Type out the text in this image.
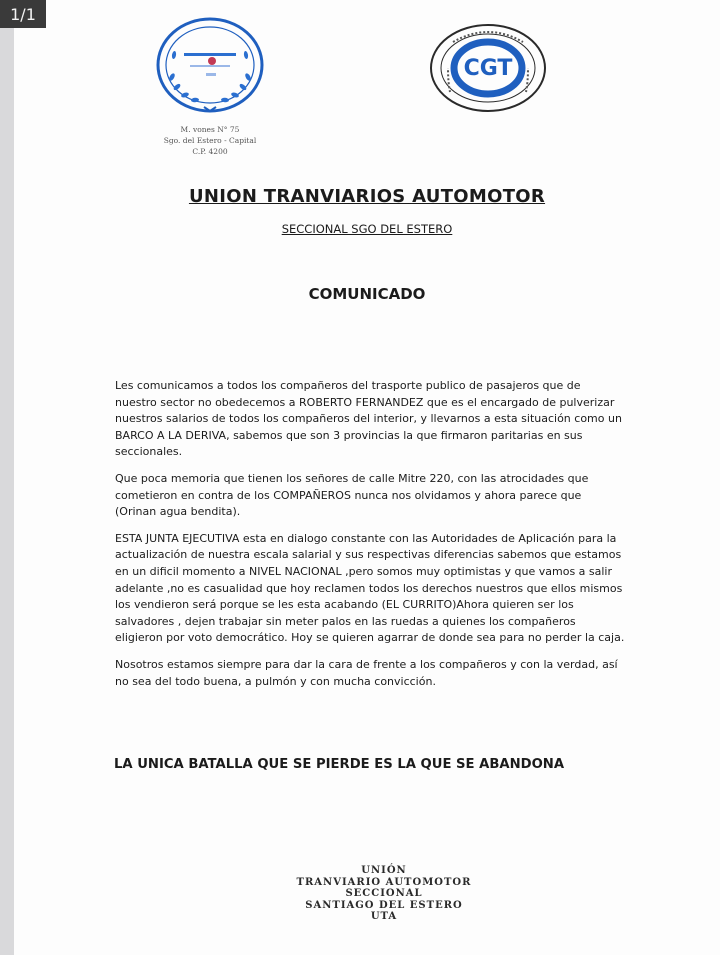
1/1
CGT
M. vones N° 75
Sgo. del Estero - Capital
C.P. 4200
UNION TRANVIARIOS AUTOMOTOR
SECCIONAL SGO DEL ESTERO
COMUNICADO

Les comunicamos a todos los compañeros del trasporte publico de pasajeros que de nuestro sector no obedecemos a ROBERTO FERNANDEZ que es el encargado de pulverizar nuestros salarios de todos los compañeros del interior, y llevarnos a esta situación como un BARCO A LA DERIVA, sabemos que son 3 provincias la que firmaron paritarias en sus seccionales.

Que poca memoria que tienen los señores de calle Mitre 220, con las atrocidades que cometieron en contra de los COMPAÑEROS nunca nos olvidamos y ahora parece que (Orinan agua bendita).

ESTA JUNTA EJECUTIVA esta en dialogo constante con las Autoridades de Aplicación para la actualización de nuestra escala salarial y sus respectivas diferencias sabemos que estamos en un dificil momento a NIVEL NACIONAL ,pero somos muy optimistas y que vamos a salir adelante ,no es casualidad que hoy reclamen todos los derechos nuestros que ellos mismos los vendieron será porque se les esta acabando (EL CURRITO)Ahora quieren ser los salvadores , dejen trabajar sin meter palos en las ruedas a quienes los compañeros eligieron por voto democrático. Hoy se quieren agarrar de donde sea para no perder la caja.

Nosotros estamos siempre para dar la cara de frente a los compañeros y con la verdad, así no sea del todo buena, a pulmón y con mucha convicción.

LA UNICA BATALLA QUE SE PIERDE ES LA QUE SE ABANDONA
UNIÓN
TRANVIARIO AUTOMOTOR
SECCIONAL
SANTIAGO DEL ESTERO
UTA
